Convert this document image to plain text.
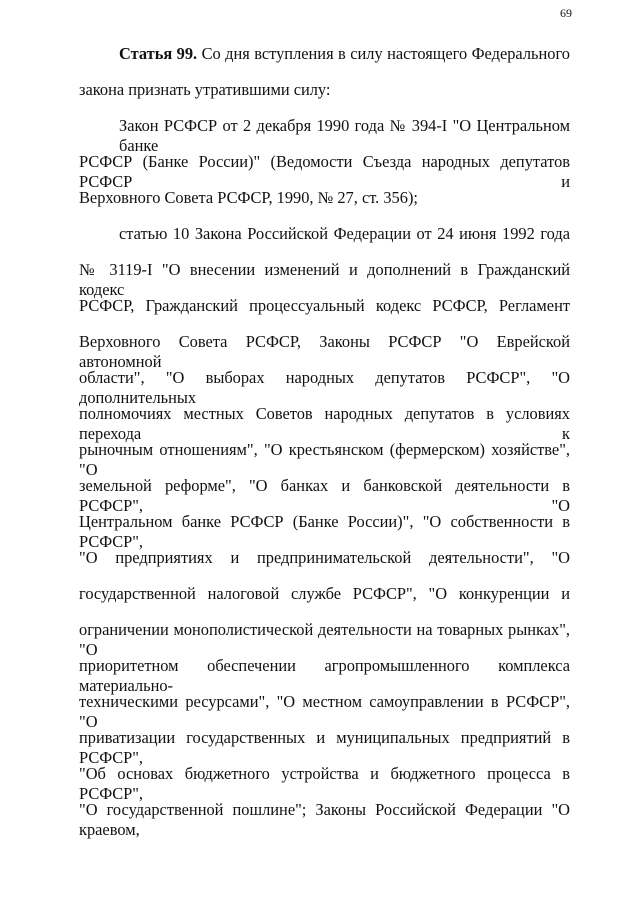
69
Статья 99. Со дня вступления в силу настоящего Федерального
закона признать утратившими силу:
Закон РСФСР от 2 декабря 1990 года № 394-I "О Центральном банке
РСФСР (Банке России)" (Ведомости Съезда народных депутатов РСФСР и
Верховного Совета РСФСР, 1990, № 27, ст. 356);
статью 10 Закона Российской Федерации от 24 июня 1992 года
№ 3119-I "О внесении изменений и дополнений в Гражданский кодекс
РСФСР, Гражданский процессуальный кодекс РСФСР, Регламент
Верховного Совета РСФСР, Законы РСФСР "О Еврейской автономной
области", "О выборах народных депутатов РСФСР", "О дополнительных
полномочиях местных Советов народных депутатов в условиях перехода к
рыночным отношениям", "О крестьянском (фермерском) хозяйстве", "О
земельной реформе", "О банках и банковской деятельности в РСФСР", "О
Центральном банке РСФСР (Банке России)", "О собственности в РСФСР",
"О предприятиях и предпринимательской деятельности", "О
государственной налоговой службе РСФСР", "О конкуренции и
ограничении монополистической деятельности на товарных рынках", "О
приоритетном обеспечении агропромышленного комплекса материально-
техническими ресурсами", "О местном самоуправлении в РСФСР", "О
приватизации государственных и муниципальных предприятий в РСФСР",
"Об основах бюджетного устройства и бюджетного процесса в РСФСР",
"О государственной пошлине"; Законы Российской Федерации "О краевом,
